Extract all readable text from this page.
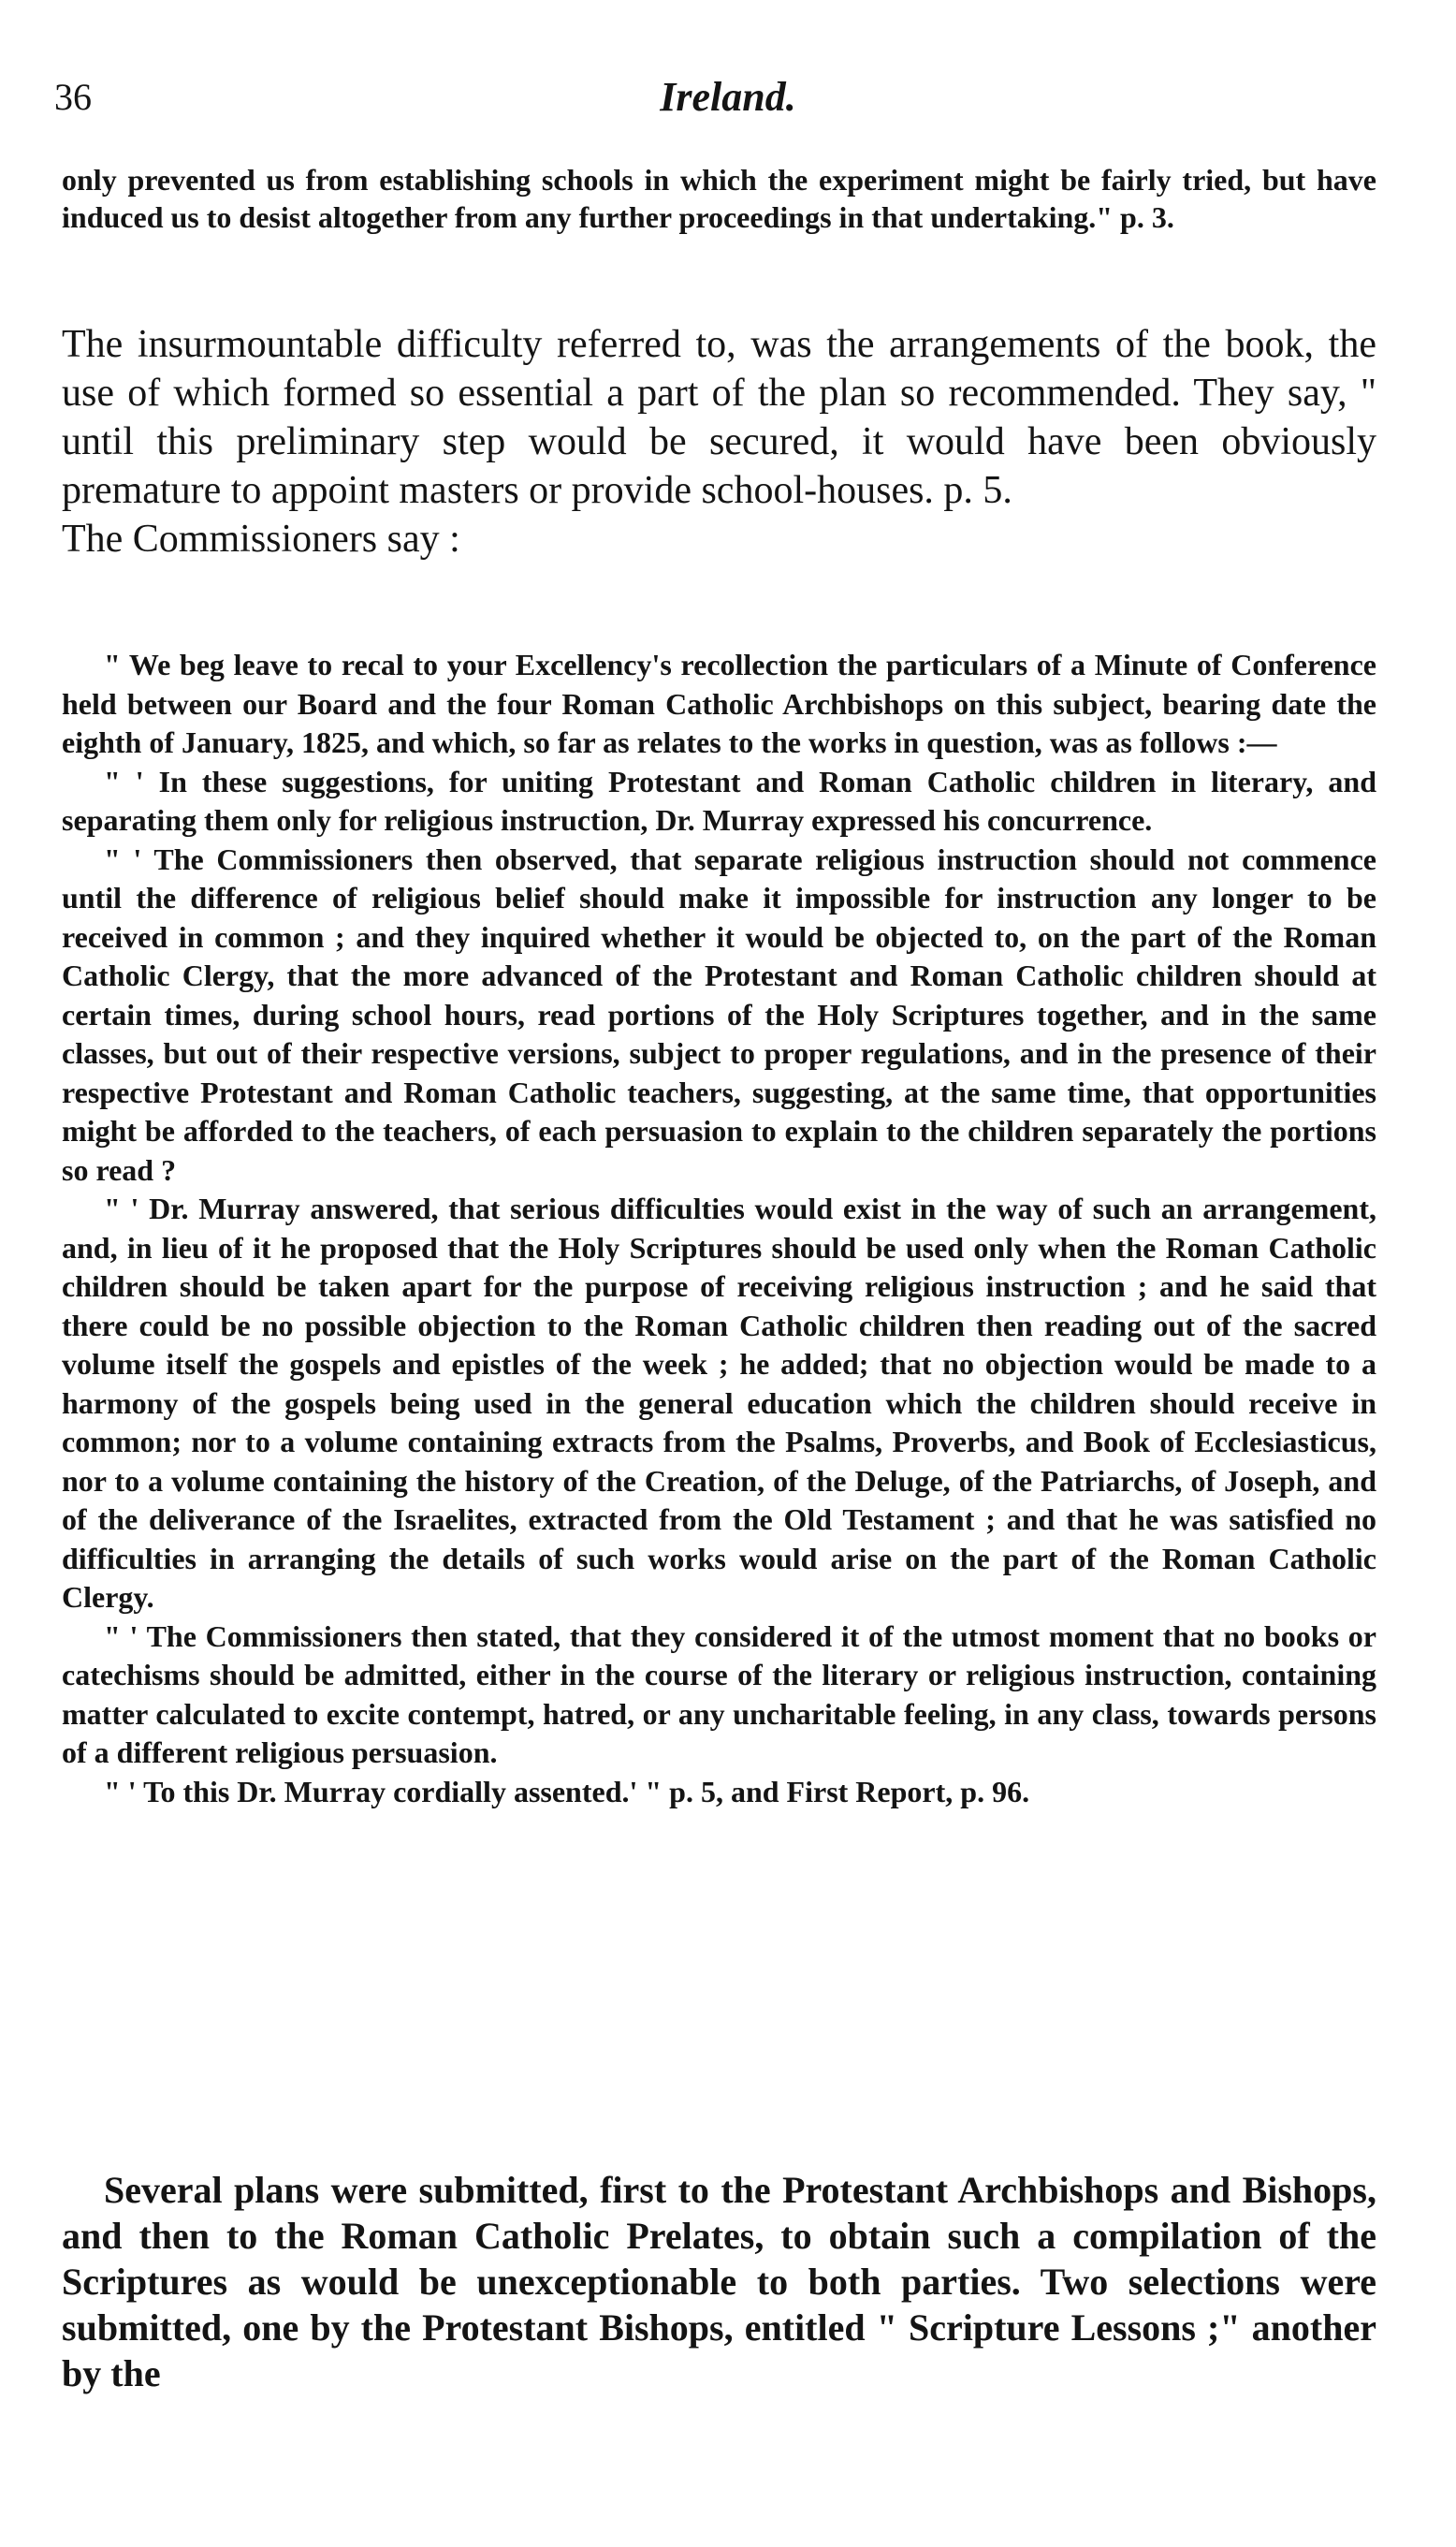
36	Ireland.

only prevented us from establishing schools in which the experiment might be fairly tried, but have induced us to desist altogether from any further proceedings in that undertaking." p. 3.

The insurmountable difficulty referred to, was the arrangements of the book, the use of which formed so essential a part of the plan so recommended. They say, " until this preliminary step would be secured, it would have been obviously premature to appoint masters or provide school-houses. p. 5.

The Commissioners say :

" We beg leave to recal to your Excellency's recollection the particulars of a Minute of Conference held between our Board and the four Roman Catholic Archbishops on this subject, bearing date the eighth of January, 1825, and which, so far as relates to the works in question, was as follows :—

" ' In these suggestions, for uniting Protestant and Roman Catholic children in literary, and separating them only for religious instruction, Dr. Murray expressed his concurrence.

" ' The Commissioners then observed, that separate religious instruction should not commence until the difference of religious belief should make it impossible for instruction any longer to be received in common ; and they inquired whether it would be objected to, on the part of the Roman Catholic Clergy, that the more advanced of the Protestant and Roman Catholic children should at certain times, during school hours, read portions of the Holy Scriptures together, and in the same classes, but out of their respective versions, subject to proper regulations, and in the presence of their respective Protestant and Roman Catholic teachers, suggesting, at the same time, that opportunities might be afforded to the teachers, of each persuasion to explain to the children separately the portions so read ?

" ' Dr. Murray answered, that serious difficulties would exist in the way of such an arrangement, and, in lieu of it he proposed that the Holy Scriptures should be used only when the Roman Catholic children should be taken apart for the purpose of receiving religious instruction ; and he said that there could be no possible objection to the Roman Catholic children then reading out of the sacred volume itself the gospels and epistles of the week ; he added; that no objection would be made to a harmony of the gospels being used in the general education which the children should receive in common; nor to a volume containing extracts from the Psalms, Proverbs, and Book of Ecclesiasticus, nor to a volume containing the history of the Creation, of the Deluge, of the Patriarchs, of Joseph, and of the deliverance of the Israelites, extracted from the Old Testament ; and that he was satisfied no difficulties in arranging the details of such works would arise on the part of the Roman Catholic Clergy.

" ' The Commissioners then stated, that they considered it of the utmost moment that no books or catechisms should be admitted, either in the course of the literary or religious instruction, containing matter calculated to excite contempt, hatred, or any uncharitable feeling, in any class, towards persons of a different religious persuasion.

" ' To this Dr. Murray cordially assented.' " p. 5, and First Report, p. 96.

Several plans were submitted, first to the Protestant Archbishops and Bishops, and then to the Roman Catholic Prelates, to obtain such a compilation of the Scriptures as would be unexceptionable to both parties. Two selections were submitted, one by the Protestant Bishops, entitled " Scripture Lessons ;" another by the
